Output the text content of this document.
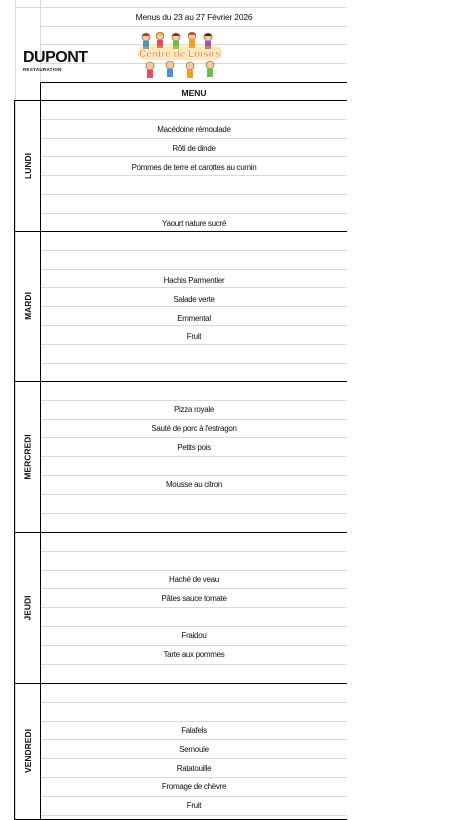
Menus du 23 au 27 Février 2026
DUPONT
RESTAURATION
Centre de Loisirs
MENU
LUNDI
Macédoine rémoulade
Rôti de dinde
Pommes de terre et carottes au cumin
Yaourt nature sucré
MARDI
Hachis Parmentier
Salade verte
Emmental
Fruit
MERCREDI
Pizza royale
Sauté de porc à l'estragon
Petits pois
Mousse au citron
JEUDI
Haché de veau
Pâtes sauce tomate
Fraidou
Tarte aux pommes
VENDREDI	Falafels
Semoule
Ratatouille
Fromage de chèvre
Fruit
